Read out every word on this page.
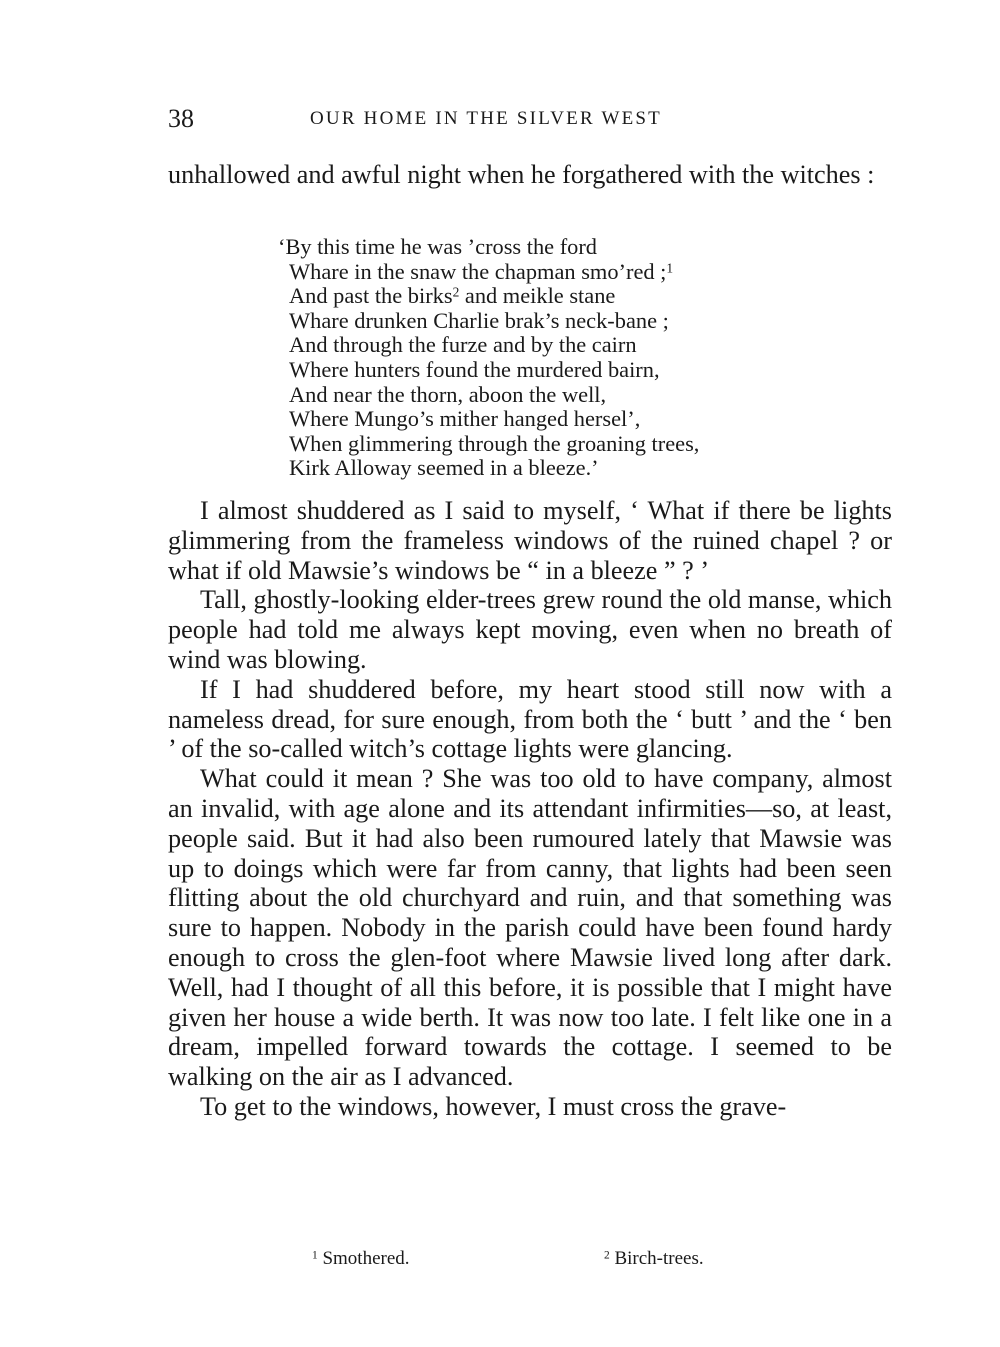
38	OUR HOME IN THE SILVER WEST

unhallowed and awful night when he forgathered with the witches :

‘By this time he was ’cross the ford
Whare in the snaw the chapman smo’red ;$^1$
And past the birks$^2$ and meikle stane
Whare drunken Charlie brak’s neck-bane ;
And through the furze and by the cairn
Where hunters found the murdered bairn,
And near the thorn, aboon the well,
Where Mungo’s mither hanged hersel’,
When glimmering through the groaning trees,
Kirk Alloway seemed in a bleeze.’

I almost shuddered as I said to myself, ‘ What if there be lights glimmering from the frameless windows of the ruined chapel ? or what if old Mawsie’s windows be “ in a bleeze ” ? ’

Tall, ghostly-looking elder-trees grew round the old manse, which people had told me always kept moving, even when no breath of wind was blowing.

If I had shuddered before, my heart stood still now with a nameless dread, for sure enough, from both the ‘ butt ’ and the ‘ ben ’ of the so-called witch’s cottage lights were glancing.

What could it mean ? She was too old to have company, almost an invalid, with age alone and its attendant infirmities—so, at least, people said. But it had also been rumoured lately that Mawsie was up to doings which were far from canny, that lights had been seen flitting about the old churchyard and ruin, and that something was sure to happen. Nobody in the parish could have been found hardy enough to cross the glen-foot where Mawsie lived long after dark. Well, had I thought of all this before, it is possible that I might have given her house a wide berth. It was now too late. I felt like one in a dream, impelled forward towards the cottage. I seemed to be walking on the air as I advanced.

To get to the windows, however, I must cross the grave-

$^1$ Smothered.	$^2$ Birch-trees.
